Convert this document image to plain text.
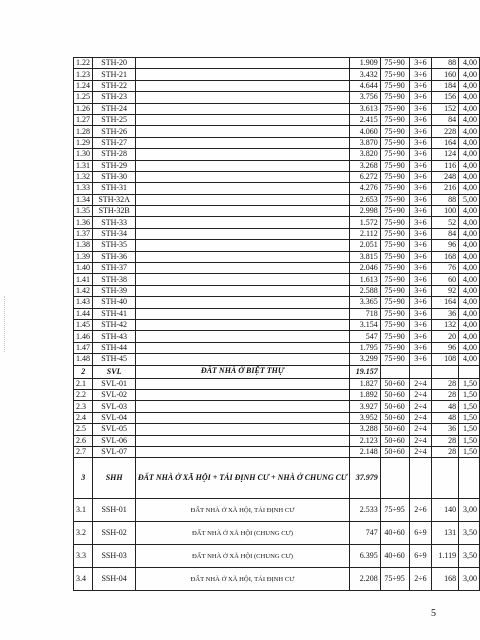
1.22	STH-20		1.909	75÷90	3÷6	88	4,00
1.23	STH-21		3.432	75÷90	3÷6	160	4,00
1.24	STH-22		4.644	75÷90	3÷6	184	4,00
1.25	STH-23		3.756	75÷90	3÷6	156	4,00
1.26	STH-24		3.613	75÷90	3÷6	152	4,00
1.27	STH-25		2.415	75÷90	3÷6	84	4,00
1.28	STH-26		4.060	75÷90	3÷6	228	4,00
1.29	STH-27		3.870	75÷90	3÷6	164	4,00
1.30	STH-28		3.820	75÷90	3÷6	124	4,00
1.31	STH-29		3.268	75÷90	3÷6	116	4,00
1.32	STH-30		6.272	75÷90	3÷6	248	4,00
1.33	STH-31		4.276	75÷90	3÷6	216	4,00
1.34	STH-32A		2.653	75÷90	3÷6	88	5,00
1.35	STH-32B		2.998	75÷90	3÷6	100	4,00
1.36	STH-33		1.572	75÷90	3÷6	52	4,00
1.37	STH-34		2.112	75÷90	3÷6	84	4,00
1.38	STH-35		2.051	75÷90	3÷6	96	4,00
1.39	STH-36		3.815	75÷90	3÷6	168	4,00
1.40	STH-37		2.046	75÷90	3÷6	76	4,00
1.41	STH-38		1.613	75÷90	3÷6	60	4,00
1.42	STH-39		2.588	75÷90	3÷6	92	4,00
1.43	STH-40		3.365	75÷90	3÷6	164	4,00
1.44	STH-41		718	75÷90	3÷6	36	4,00
1.45	STH-42		3.154	75÷90	3÷6	132	4,00
1.46	STH-43		547	75÷90	3÷6	20	4,00
1.47	STH-44		1.795	75÷90	3÷6	96	4,00
1.48	STH-45		3.299	75÷90	3÷6	108	4,00
2	SVL	ĐẤT NHÀ Ở BIỆT THỰ	19.157				
2.1	SVL-01		1.827	50÷60	2÷4	28	1,50
2.2	SVL-02		1.892	50÷60	2÷4	28	1,50
2.3	SVL-03		3.927	50÷60	2÷4	48	1,50
2.4	SVL-04		3.952	50÷60	2÷4	48	1,50
2.5	SVL-05		3.288	50÷60	2÷4	36	1,50
2.6	SVL-06		2.123	50÷60	2÷4	28	1,50
2.7	SVL-07		2.148	50÷60	2÷4	28	1,50
3	SHH	ĐẤT NHÀ Ở XÃ HỘI + TÁI ĐỊNH CƯ + NHÀ Ở CHUNG CƯ	37.979				
3.1	SSH-01	ĐẤT NHÀ Ở XÃ HỘI, TÁI ĐỊNH CƯ	2.533	75÷95	2÷6	140	3,00
3.2	SSH-02	ĐẤT NHÀ Ở XÃ HỘI (CHUNG CƯ)	747	40÷60	6÷9	131	3,50
3.3	SSH-03	ĐẤT NHÀ Ở XÃ HỘI (CHUNG CƯ)	6.395	40÷60	6÷9	1.119	3,50
3.4	SSH-04	ĐẤT NHÀ Ở XÃ HỘI, TÁI ĐỊNH CƯ	2.208	75÷95	2÷6	168	3,00
5
